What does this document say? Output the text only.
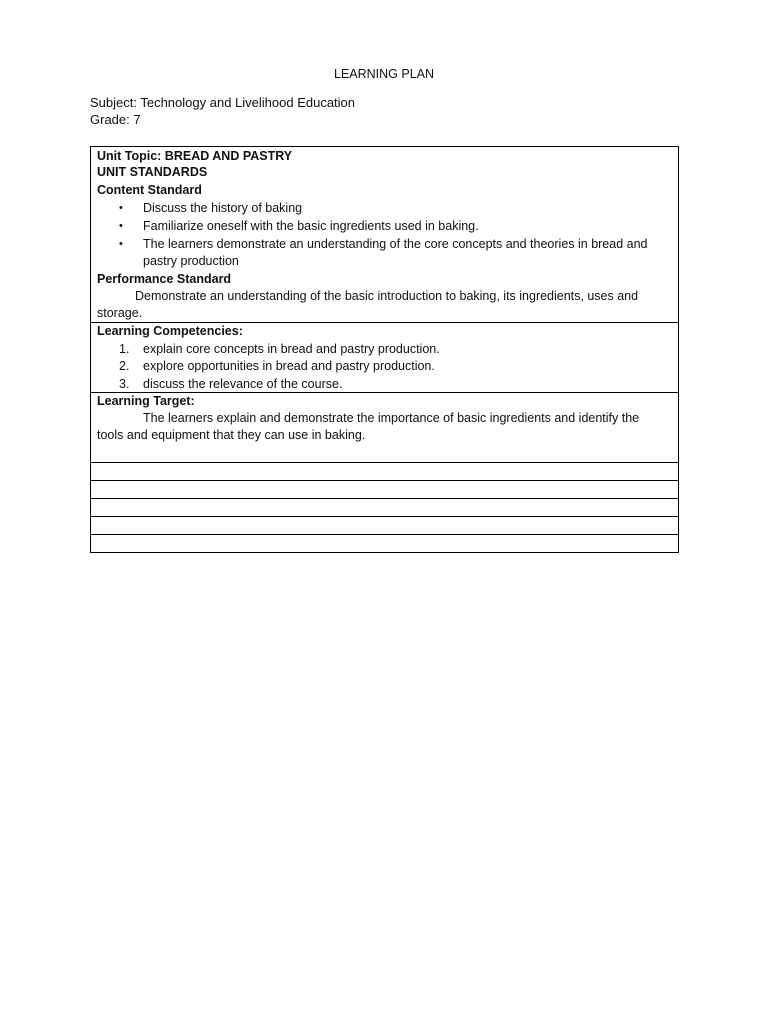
LEARNING PLAN
Subject: Technology and Livelihood Education
Grade: 7
Unit Topic: BREAD AND PASTRY
UNIT STANDARDS
Content Standard
• Discuss the history of baking
• Familiarize oneself with the basic ingredients used in baking.
• The learners demonstrate an understanding of the core concepts and theories in bread and
pastry production
Performance Standard
Demonstrate an understanding of the basic introduction to baking, its ingredients, uses and
storage.
Learning Competencies:
1. explain core concepts in bread and pastry production.
2. explore opportunities in bread and pastry production.
3. discuss the relevance of the course.
Learning Target:
The learners explain and demonstrate the importance of basic ingredients and identify the
tools and equipment that they can use in baking.
